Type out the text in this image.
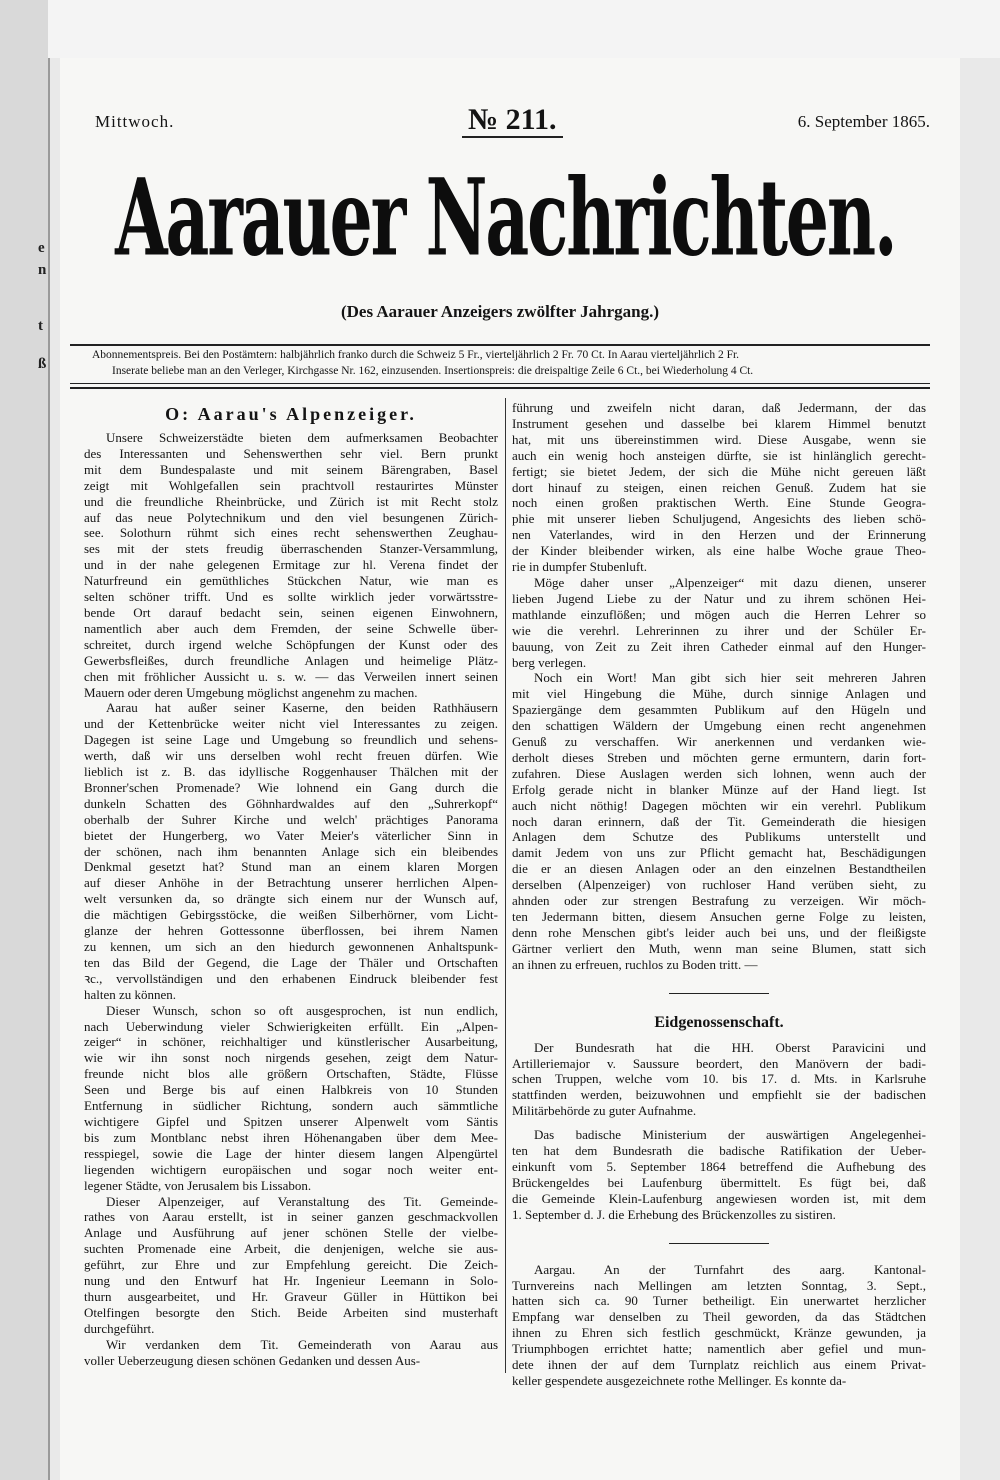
e
n
t
ß
Mittwoch.	№ 211.	6. September 1865.
Aarauer Nachrichten.
(Des Aarauer Anzeigers zwölfter Jahrgang.)
Abonnementspreis. Bei den Postämtern: halbjährlich franko durch die Schweiz 5 Fr., vierteljährlich 2 Fr. 70 Ct. In Aarau vierteljährlich 2 Fr.
Inserate beliebe man an den Verleger, Kirchgasse Nr. 162, einzusenden. Insertionspreis: die dreispaltige Zeile 6 Ct., bei Wiederholung 4 Ct.
O: Aarau's Alpenzeiger.
Unsere Schweizerstädte bieten dem aufmerksamen Beobachter
des Interessanten und Sehenswerthen sehr viel. Bern prunkt
mit dem Bundespalaste und mit seinem Bärengraben, Basel
zeigt mit Wohlgefallen sein prachtvoll restaurirtes Münster
und die freundliche Rheinbrücke, und Zürich ist mit Recht stolz
auf das neue Polytechnikum und den viel besungenen Zürich-
see. Solothurn rühmt sich eines recht sehenswerthen Zeughau-
ses mit der stets freudig überraschenden Stanzer-Versammlung,
und in der nahe gelegenen Ermitage zur hl. Verena findet der
Naturfreund ein gemüthliches Stückchen Natur, wie man es
selten schöner trifft. Und es sollte wirklich jeder vorwärtsstre-
bende Ort darauf bedacht sein, seinen eigenen Einwohnern,
namentlich aber auch dem Fremden, der seine Schwelle über-
schreitet, durch irgend welche Schöpfungen der Kunst oder des
Gewerbsfleißes, durch freundliche Anlagen und heimelige Plätz-
chen mit fröhlicher Aussicht u. s. w. — das Verweilen innert seinen
Mauern oder deren Umgebung möglichst angenehm zu machen.
Aarau hat außer seiner Kaserne, den beiden Rathhäusern
und der Kettenbrücke weiter nicht viel Interessantes zu zeigen.
Dagegen ist seine Lage und Umgebung so freundlich und sehens-
werth, daß wir uns derselben wohl recht freuen dürfen. Wie
lieblich ist z. B. das idyllische Roggenhauser Thälchen mit der
Bronner'schen Promenade? Wie lohnend ein Gang durch die
dunkeln Schatten des Göhnhardwaldes auf den „Suhrerkopf“
oberhalb der Suhrer Kirche und welch' prächtiges Panorama
bietet der Hungerberg, wo Vater Meier's väterlicher Sinn in
der schönen, nach ihm benannten Anlage sich ein bleibendes
Denkmal gesetzt hat? Stund man an einem klaren Morgen
auf dieser Anhöhe in der Betrachtung unserer herrlichen Alpen-
welt versunken da, so drängte sich einem nur der Wunsch auf,
die mächtigen Gebirgsstöcke, die weißen Silberhörner, vom Licht-
glanze der hehren Gottessonne überflossen, bei ihrem Namen
zu kennen, um sich an den hiedurch gewonnenen Anhaltspunk-
ten das Bild der Gegend, die Lage der Thäler und Ortschaften
ꝛc., vervollständigen und den erhabenen Eindruck bleibender fest
halten zu können.
Dieser Wunsch, schon so oft ausgesprochen, ist nun endlich,
nach Ueberwindung vieler Schwierigkeiten erfüllt. Ein „Alpen-
zeiger“ in schöner, reichhaltiger und künstlerischer Ausarbeitung,
wie wir ihn sonst noch nirgends gesehen, zeigt dem Natur-
freunde nicht blos alle größern Ortschaften, Städte, Flüsse
Seen und Berge bis auf einen Halbkreis von 10 Stunden
Entfernung in südlicher Richtung, sondern auch sämmtliche
wichtigere Gipfel und Spitzen unserer Alpenwelt vom Säntis
bis zum Montblanc nebst ihren Höhenangaben über dem Mee-
resspiegel, sowie die Lage der hinter diesem langen Alpengürtel
liegenden wichtigern europäischen und sogar noch weiter ent-
legener Städte, von Jerusalem bis Lissabon.
Dieser Alpenzeiger, auf Veranstaltung des Tit. Gemeinde-
rathes von Aarau erstellt, ist in seiner ganzen geschmackvollen
Anlage und Ausführung auf jener schönen Stelle der vielbe-
suchten Promenade eine Arbeit, die denjenigen, welche sie aus-
geführt, zur Ehre und zur Empfehlung gereicht. Die Zeich-
nung und den Entwurf hat Hr. Ingenieur Leemann in Solo-
thurn ausgearbeitet, und Hr. Graveur Güller in Hüttikon bei
Otelfingen besorgte den Stich. Beide Arbeiten sind musterhaft
durchgeführt.
Wir verdanken dem Tit. Gemeinderath von Aarau aus
voller Ueberzeugung diesen schönen Gedanken und dessen Aus-
führung und zweifeln nicht daran, daß Jedermann, der das
Instrument gesehen und dasselbe bei klarem Himmel benutzt
hat, mit uns übereinstimmen wird. Diese Ausgabe, wenn sie
auch ein wenig hoch ansteigen dürfte, sie ist hinlänglich gerecht-
fertigt; sie bietet Jedem, der sich die Mühe nicht gereuen läßt
dort hinauf zu steigen, einen reichen Genuß. Zudem hat sie
noch einen großen praktischen Werth. Eine Stunde Geogra-
phie mit unserer lieben Schuljugend, Angesichts des lieben schö-
nen Vaterlandes, wird in den Herzen und der Erinnerung
der Kinder bleibender wirken, als eine halbe Woche graue Theo-
rie in dumpfer Stubenluft.
Möge daher unser „Alpenzeiger“ mit dazu dienen, unserer
lieben Jugend Liebe zu der Natur und zu ihrem schönen Hei-
mathlande einzuflößen; und mögen auch die Herren Lehrer so
wie die verehrl. Lehrerinnen zu ihrer und der Schüler Er-
bauung, von Zeit zu Zeit ihren Catheder einmal auf den Hunger-
berg verlegen.
Noch ein Wort! Man gibt sich hier seit mehreren Jahren
mit viel Hingebung die Mühe, durch sinnige Anlagen und
Spaziergänge dem gesammten Publikum auf den Hügeln und
den schattigen Wäldern der Umgebung einen recht angenehmen
Genuß zu verschaffen. Wir anerkennen und verdanken wie-
derholt dieses Streben und möchten gerne ermuntern, darin fort-
zufahren. Diese Auslagen werden sich lohnen, wenn auch der
Erfolg gerade nicht in blanker Münze auf der Hand liegt. Ist
auch nicht nöthig! Dagegen möchten wir ein verehrl. Publikum
noch daran erinnern, daß der Tit. Gemeinderath die hiesigen
Anlagen dem Schutze des Publikums unterstellt und
damit Jedem von uns zur Pflicht gemacht hat, Beschädigungen
die er an diesen Anlagen oder an den einzelnen Bestandtheilen
derselben (Alpenzeiger) von ruchloser Hand verüben sieht, zu
ahnden oder zur strengen Bestrafung zu verzeigen. Wir möch-
ten Jedermann bitten, diesem Ansuchen gerne Folge zu leisten,
denn rohe Menschen gibt's leider auch bei uns, und der fleißigste
Gärtner verliert den Muth, wenn man seine Blumen, statt sich
an ihnen zu erfreuen, ruchlos zu Boden tritt. —
Eidgenossenschaft.
Der Bundesrath hat die HH. Oberst Paravicini und
Artilleriemajor v. Saussure beordert, den Manövern der badi-
schen Truppen, welche vom 10. bis 17. d. Mts. in Karlsruhe
stattfinden werden, beizuwohnen und empfiehlt sie der badischen
Militärbehörde zu guter Aufnahme.
Das badische Ministerium der auswärtigen Angelegenhei-
ten hat dem Bundesrath die badische Ratifikation der Ueber-
einkunft vom 5. September 1864 betreffend die Aufhebung des
Brückengeldes bei Laufenburg übermittelt. Es fügt bei, daß
die Gemeinde Klein-Laufenburg angewiesen worden ist, mit dem
1. September d. J. die Erhebung des Brückenzolles zu sistiren.
Aargau. An der Turnfahrt des aarg. Kantonal-
Turnvereins nach Mellingen am letzten Sonntag, 3. Sept.,
hatten sich ca. 90 Turner betheiligt. Ein unerwartet herzlicher
Empfang war denselben zu Theil geworden, da das Städtchen
ihnen zu Ehren sich festlich geschmückt, Kränze gewunden, ja
Triumphbogen errichtet hatte; namentlich aber gefiel und mun-
dete ihnen der auf dem Turnplatz reichlich aus einem Privat-
keller gespendete ausgezeichnete rothe Mellinger. Es konnte da-
